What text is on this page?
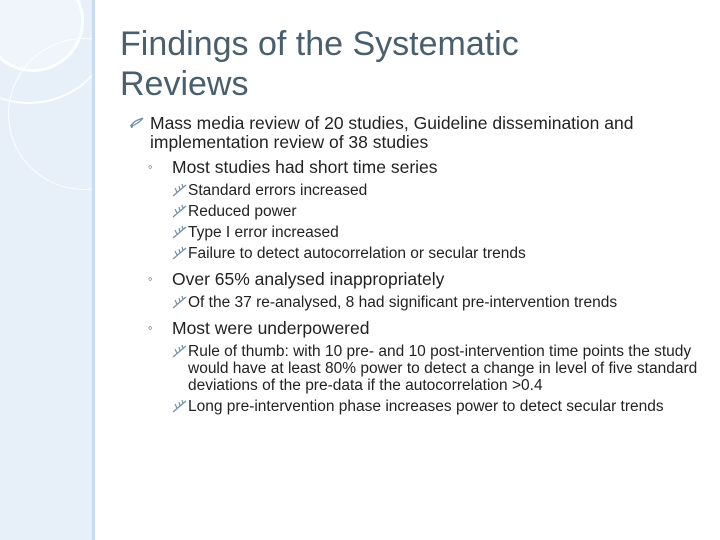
Findings of the Systematic
Reviews
Mass media review of 20 studies, Guideline dissemination and implementation review of 38 studies
◦ Most studies had short time series
Standard errors increased
Reduced power
Type I error increased
Failure to detect autocorrelation or secular trends
◦ Over 65% analysed inappropriately
Of the 37 re-analysed, 8 had significant pre-intervention trends
◦ Most were underpowered
Rule of thumb: with 10 pre- and 10 post-intervention time points the study would have at least 80% power to detect a change in level of five standard deviations of the pre-data if the autocorrelation >0.4
Long pre-intervention phase increases power to detect secular trends
